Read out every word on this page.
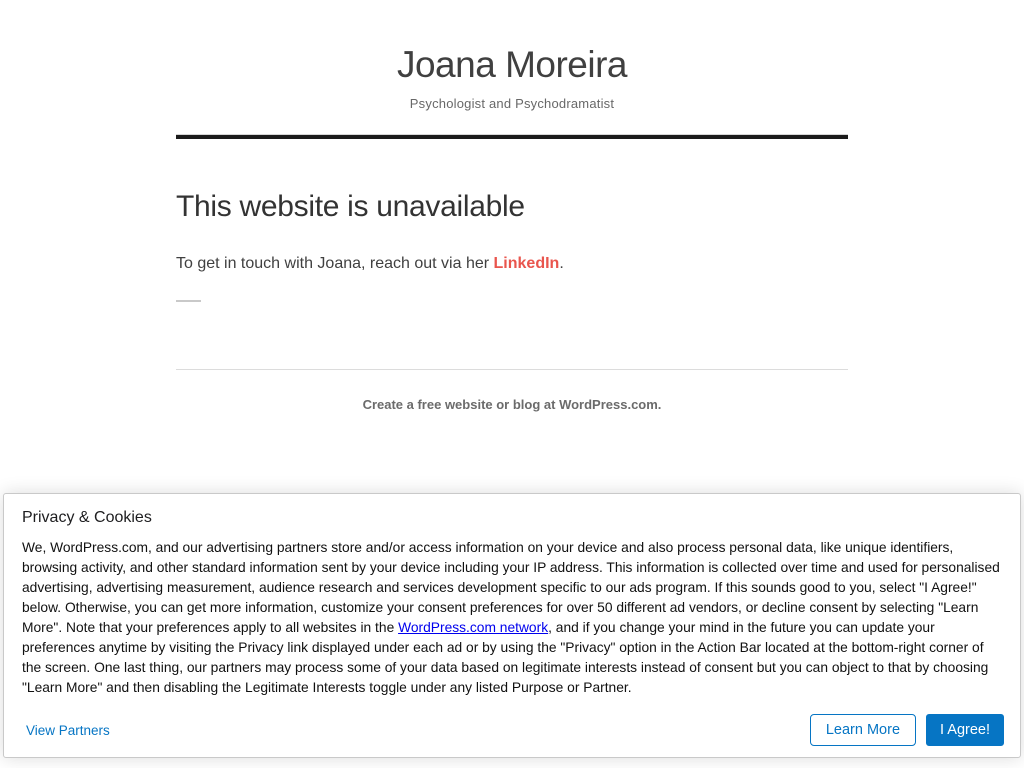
Joana Moreira
Psychologist and Psychodramatist
This website is unavailable

To get in touch with Joana, reach out via her LinkedIn.

Create a free website or blog at WordPress.com.
Privacy & Cookies

We, WordPress.com, and our advertising partners store and/or access information on your device and also process personal data, like unique identifiers, browsing activity, and other standard information sent by your device including your IP address. This information is collected over time and used for personalised advertising, advertising measurement, audience research and services development specific to our ads program. If this sounds good to you, select "I Agree!" below. Otherwise, you can get more information, customize your consent preferences for over 50 different ad vendors, or decline consent by selecting "Learn More". Note that your preferences apply to all websites in the WordPress.com network, and if you change your mind in the future you can update your preferences anytime by visiting the Privacy link displayed under each ad or by using the "Privacy" option in the Action Bar located at the bottom-right corner of the screen. One last thing, our partners may process some of your data based on legitimate interests instead of consent but you can object to that by choosing "Learn More" and then disabling the Legitimate Interests toggle under any listed Purpose or Partner.

View Partners	Learn More	I Agree!
